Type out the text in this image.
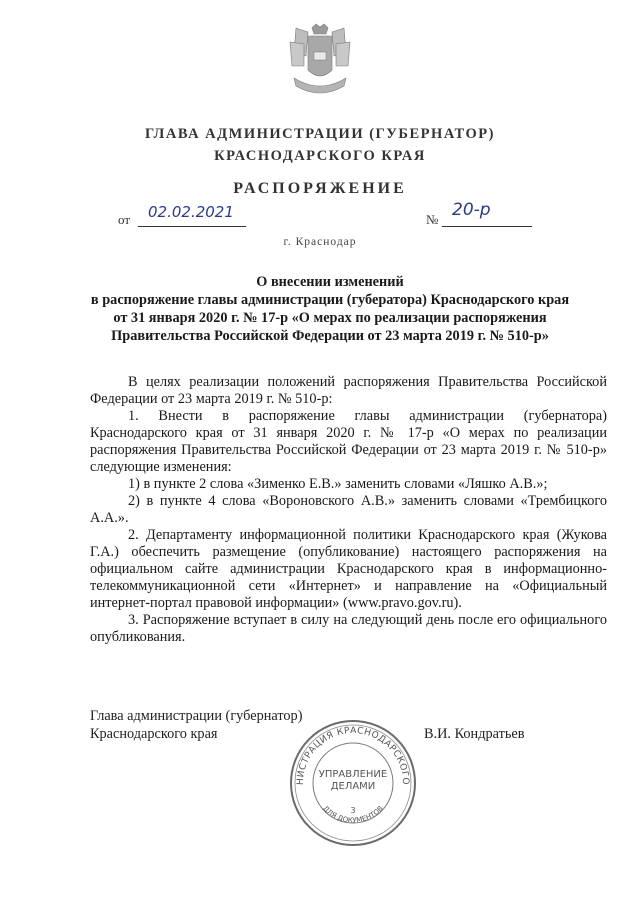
ГЛАВА АДМИНИСТРАЦИИ (ГУБЕРНАТОР)
КРАСНОДАРСКОГО КРАЯ
РАСПОРЯЖЕНИЕ
от 02.02.2021	№ 20-р
г. Краснодар
О внесении изменений
в распоряжение главы администрации (губератора) Краснодарского края
от 31 января 2020 г. № 17-р «О мерах по реализации распоряжения
Правительства Российской Федерации от 23 марта 2019 г. № 510-р»

В целях реализации положений распоряжения Правительства Российской Федерации от 23 марта 2019 г. № 510-р:

1. Внести в распоряжение главы администрации (губернатора) Краснодарского края от 31 января 2020 г. № 17-р «О мерах по реализации распоряжения Правительства Российской Федерации от 23 марта 2019 г. № 510-р» следующие изменения:

1) в пункте 2 слова «Зименко Е.В.» заменить словами «Ляшко А.В.»;

2) в пункте 4 слова «Вороновского А.В.» заменить словами «Трембицкого А.А.».

2. Департаменту информационной политики Краснодарского края (Жукова Г.А.) обеспечить размещение (опубликование) настоящего распоряжения на официальном сайте администрации Краснодарского края в информационно-телекоммуникационной сети «Интернет» и направление на «Официальный интернет-портал правовой информации» (www.pravo.gov.ru).

3. Распоряжение вступает в силу на следующий день после его официального опубликования.

Глава администрации (губернатор)
Краснодарского края	В.И. Кондратьев
НИСТРАЦИЯ КРАСНОДАРСКОГО
ДЛЯ ДОКУМЕНТОВ
УПРАВЛЕНИЕ
ДЕЛАМИ
3
